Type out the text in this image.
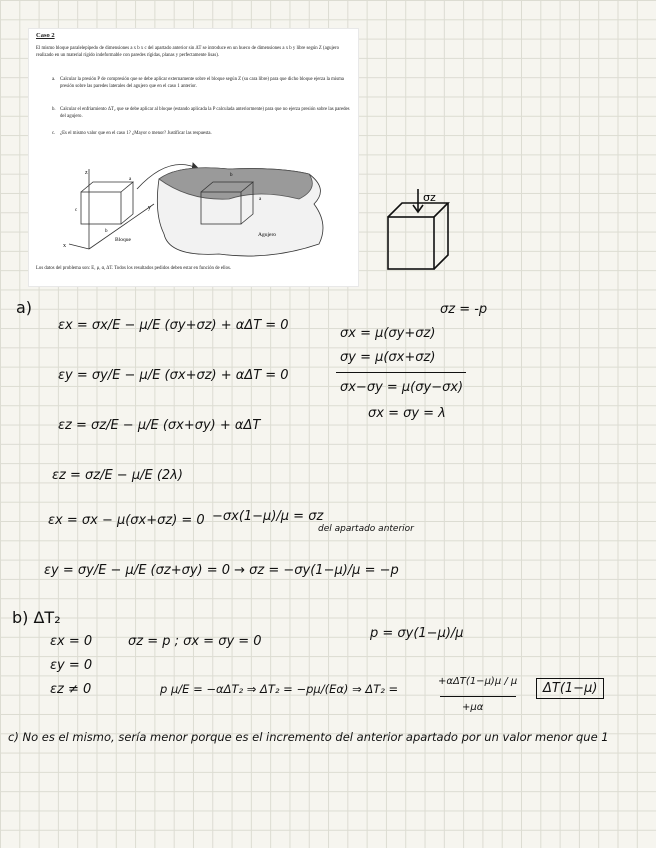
Caso 2
El mismo bloque paralelepípedo de dimensiones a x b x c del apartado anterior sin ΔT se introduce en un hueco de dimensiones a x b y libre según Z (agujero realizado en un material rígido indeformable con paredes rígidas, planas y perfectamente lisas).
a. Calcular la presión P de compresión que se debe aplicar externamente sobre el bloque según Z (su cara libre) para que dicho bloque ejerza la misma presión sobre las paredes laterales del agujero que en el caso 1 anterior.
b. Calcular el enfriamiento ΔT₂ que se debe aplicar al bloque (estando aplicada la P calculada anteriormente) para que no ejerza presión sobre las paredes del agujero.
c. ¿Es el mismo valor que en el caso 1? ¿Mayor o menor? Justificar las respuesta.
z
y
x
b
c
a
b
a
Bloque
Agujero
Los datos del problema son: E, μ, α, ΔT. Todos los resultados pedidos deben estar en función de ellos.
σz
a)	σz = -p
εx = σx/E − μ/E (σy+σz) + αΔT = 0
εy = σy/E − μ/E (σx+σz) + αΔT = 0
εz = σz/E − μ/E (σx+σy) + αΔT
σx = μ(σy+σz)
σy = μ(σx+σz)
σx−σy = μ(σy−σx)
σx = σy = λ
εz = σz/E − μ/E (2λ)
εx = σx − μ(σx+σz) = 0 −σx(1−μ)/μ = σz
del apartado anterior
εy = σy/E − μ/E (σz+σy) = 0 → σz = −σy(1−μ)/μ = −p
b) ΔT₂
εx = 0	σz = p ; σx = σy = 0
p = σy(1−μ)/μ
εy = 0
εz ≠ 0	p μ/E = −αΔT₂ ⇒ ΔT₂ = −pμ/(Eα) ⇒ ΔT₂ =
+αΔT(1−μ)μ / μ
+μα
ΔT(1−μ)
c) No es el mismo, sería menor porque es el incremento del anterior apartado por un valor menor que 1
